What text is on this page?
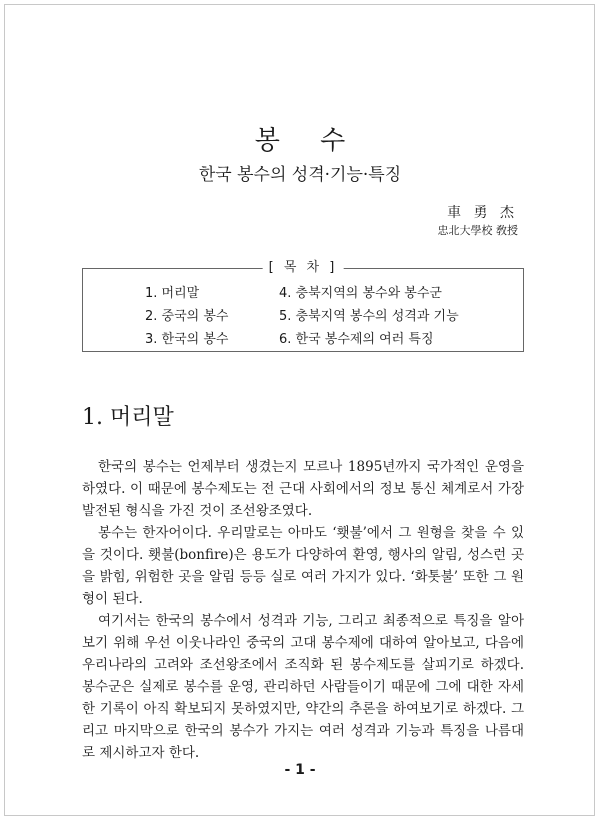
봉 수
한국 봉수의 성격·기능·특징
車 勇 杰
忠北大學校 敎授
[ 목 차 ]
1. 머리말
2. 중국의 봉수
3. 한국의 봉수
4. 충북지역의 봉수와 봉수군
5. 충북지역 봉수의 성격과 기능
6. 한국 봉수제의 여러 특징
1. 머리말

한국의 봉수는 언제부터 생겼는지 모르나 1895년까지 국가적인 운영을 하였다. 이 때문에 봉수제도는 전 근대 사회에서의 정보 통신 체계로서 가장 발전된 형식을 가진 것이 조선왕조였다.

봉수는 한자어이다. 우리말로는 아마도 ‘횃불’에서 그 원형을 찾을 수 있을 것이다. 횃불(bonfire)은 용도가 다양하여 환영, 행사의 알림, 성스런 곳을 밝힘, 위험한 곳을 알림 등등 실로 여러 가지가 있다. ‘화톳불’ 또한 그 원형이 된다.

여기서는 한국의 봉수에서 성격과 기능, 그리고 최종적으로 특징을 알아보기 위해 우선 이웃나라인 중국의 고대 봉수제에 대하여 알아보고, 다음에 우리나라의 고려와 조선왕조에서 조직화 된 봉수제도를 살피기로 하겠다. 봉수군은 실제로 봉수를 운영, 관리하던 사람들이기 때문에 그에 대한 자세한 기록이 아직 확보되지 못하였지만, 약간의 추론을 하여보기로 하겠다. 그리고 마지막으로 한국의 봉수가 가지는 여러 성격과 기능과 특징을 나름대로 제시하고자 한다.

- 1 -
